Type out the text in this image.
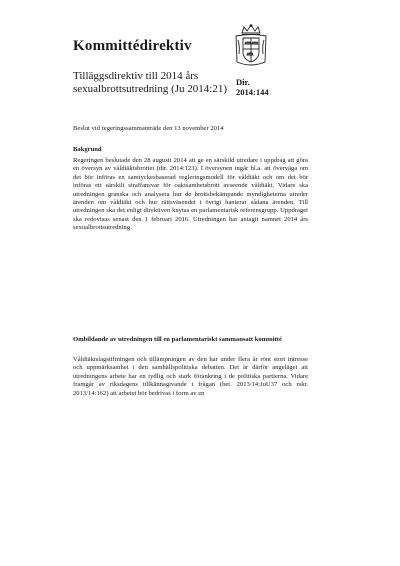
Kommittédirektiv
Tilläggsdirektiv till 2014 års sexualbrottsutredning (Ju 2014:21)
Dir.
2014:144
Beslut vid regeringssammanträde den 13 november 2014
Bakgrund
Regeringen beslutade den 28 augusti 2014 att ge en särskild utredare i uppdrag att göra en översyn av våldtäktsbrottet (dir. 2014:123). I översynen ingår bl.a. att överväga om det bör införas en samtyckesbaserad regleringsmodell för våldtäkt och om det bör införas ett särskilt straffansvar för oaktsamhetsbrott avseende våldtäkt. Vidare ska utredningen granska och analysera hur de brottsbekämpande myndigheterna utreder ärenden om våldtäkt och hur rättsväsendet i övrigt hanterar sådana ärenden. Till utredningen ska det enligt direktiven knytas en parlamentarisk referensgrupp. Uppdraget ska redovisas senast den 1 februari 2016. Utredningen har antagit namnet 2014 års sexualbrottsutredning.
Ombildande av utredningen till en parlamentariskt sammansatt kommitté
Våldtäktslagstiftningen och tillämpningen av den har under flera år rönt stort intresse och uppmärksamhet i den samhällspolitiska debatten. Det är därför angeläget att utredningens arbete har en tydlig och stark förankring i de politiska partierna. Vidare framgår av riksdagens tillkännagivande i frågan (bet. 2013/14:JuU37 och rskr. 2013/14:162) att arbetet bör bedrivas i form av en
